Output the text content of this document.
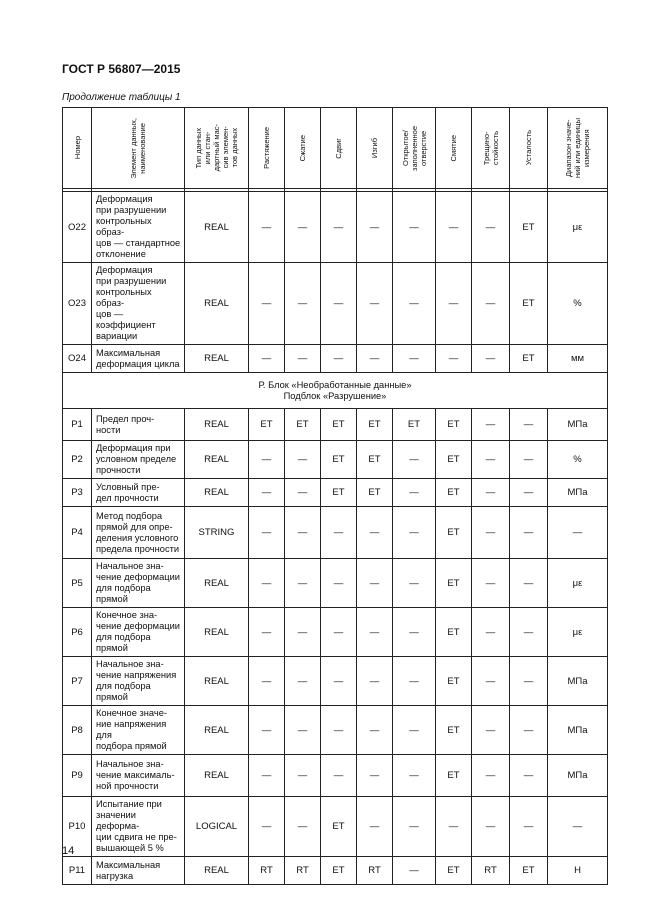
ГОСТ Р 56807—2015
Продолжение таблицы 1
Номер	Элемент данных,
наименование	Тип данных
или стан-
дартный мас-
сив элемен-
тов данных	Растяжение	Сжатие	Сдвиг	Изгиб	Открытое/
заполненное
отверстие	Смятие	Трещино-
стойкость	Усталость	Диапазон значе-
ний или единицы
измерения

O22	Деформация
при разрушении
контрольных образ-
цов — стандартное
отклонение	REAL	—	—	—	—	—	—	—	ЕТ	με
O23	Деформация
при разрушении
контрольных образ-
цов — коэффициент
вариации	REAL	—	—	—	—	—	—	—	ЕТ	%
O24	Максимальная
деформация цикла	REAL	—	—	—	—	—	—	—	ЕТ	мм
Р. Блок «Необработанные данные»
Подблок «Разрушение»											
P1	Предел проч-
ности	REAL	ЕТ	ЕТ	ЕТ	ЕТ	ЕТ	ЕТ	—	—	МПа
P2	Деформация при
условном пределе
прочности	REAL	—	—	ЕТ	ЕТ	—	ЕТ	—	—	%
P3	Условный пре-
дел прочности	REAL	—	—	ЕТ	ЕТ	—	ЕТ	—	—	МПа
P4	Метод подбора
прямой для опре-
деления условного
предела прочности	STRING	—	—	—	—	—	ЕТ	—	—	—
P5	Начальное зна-
чение деформации
для подбора прямой	REAL	—	—	—	—	—	ЕТ	—	—	με
P6	Конечное зна-
чение деформации
для подбора прямой	REAL	—	—	—	—	—	ЕТ	—	—	με
P7	Начальное зна-
чение напряжения
для подбора прямой	REAL	—	—	—	—	—	ЕТ	—	—	МПа
P8	Конечное значе-
ние напряжения для
подбора прямой	REAL	—	—	—	—	—	ЕТ	—	—	МПа
P9	Начальное зна-
чение максималь-
ной прочности	REAL	—	—	—	—	—	ЕТ	—	—	МПа
P10	Испытание при
значении деформа-
ции сдвига не пре-
вышающей 5 %	LOGICAL	—	—	ЕТ	—	—	—	—	—	—
P11	Максимальная
нагрузка	REAL	RT	RT	ЕТ	RT	—	ЕТ	RT	ЕТ	Н
14
